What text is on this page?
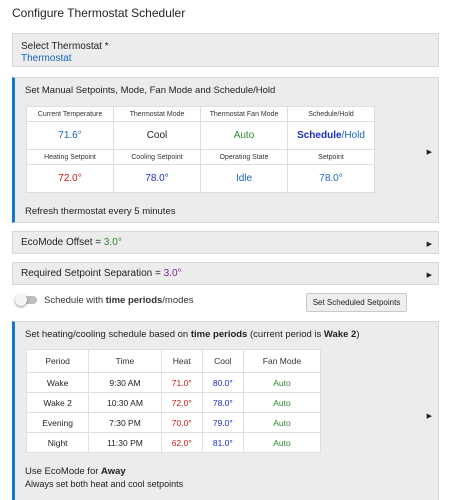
Configure Thermostat Scheduler
Select Thermostat *
Thermostat
Set Manual Setpoints, Mode, Fan Mode and Schedule/Hold
Current Temperature	Thermostat Mode	Thermostat Fan Mode	Schedule/Hold
71.6°	Cool	Auto	Schedule/Hold
Heating Setpoint	Cooling Setpoint	Operating State	Setpoint
72.0°	78.0°	Idle	78.0°
Refresh thermostat every 5 minutes
▶
EcoMode Offset = 3.0°	▶
Required Setpoint Separation = 3.0°	▶
Schedule with time periods/modes	Set Scheduled Setpoints
Set heating/cooling schedule based on time periods (current period is Wake 2)
Period	Time	Heat	Cool	Fan Mode
Wake	9:30 AM	71.0°	80.0°	Auto
Wake 2	10:30 AM	72.0°	78.0°	Auto
Evening	7:30 PM	70.0°	79.0°	Auto
Night	11:30 PM	62.0°	81.0°	Auto
Use EcoMode for Away
Always set both heat and cool setpoints
▶
